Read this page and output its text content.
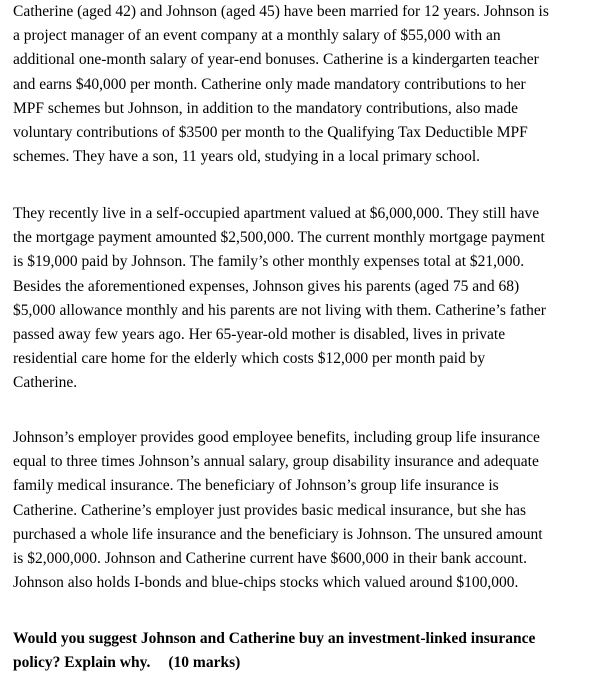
Catherine (aged 42) and Johnson (aged 45) have been married for 12 years. Johnson is
a project manager of an event company at a monthly salary of $55,000 with an
additional one-month salary of year-end bonuses. Catherine is a kindergarten teacher
and earns $40,000 per month. Catherine only made mandatory contributions to her
MPF schemes but Johnson, in addition to the mandatory contributions, also made
voluntary contributions of $3500 per month to the Qualifying Tax Deductible MPF
schemes. They have a son, 11 years old, studying in a local primary school.

They recently live in a self-occupied apartment valued at $6,000,000. They still have
the mortgage payment amounted $2,500,000. The current monthly mortgage payment
is $19,000 paid by Johnson. The family’s other monthly expenses total at $21,000.
Besides the aforementioned expenses, Johnson gives his parents (aged 75 and 68)
$5,000 allowance monthly and his parents are not living with them. Catherine’s father
passed away few years ago. Her 65-year-old mother is disabled, lives in private
residential care home for the elderly which costs $12,000 per month paid by
Catherine.

Johnson’s employer provides good employee benefits, including group life insurance
equal to three times Johnson’s annual salary, group disability insurance and adequate
family medical insurance. The beneficiary of Johnson’s group life insurance is
Catherine. Catherine’s employer just provides basic medical insurance, but she has
purchased a whole life insurance and the beneficiary is Johnson. The unsured amount
is $2,000,000. Johnson and Catherine current have $600,000 in their bank account.
Johnson also holds I-bonds and blue-chips stocks which valued around $100,000.

Would you suggest Johnson and Catherine buy an investment-linked insurance
policy? Explain why. (10 marks)
